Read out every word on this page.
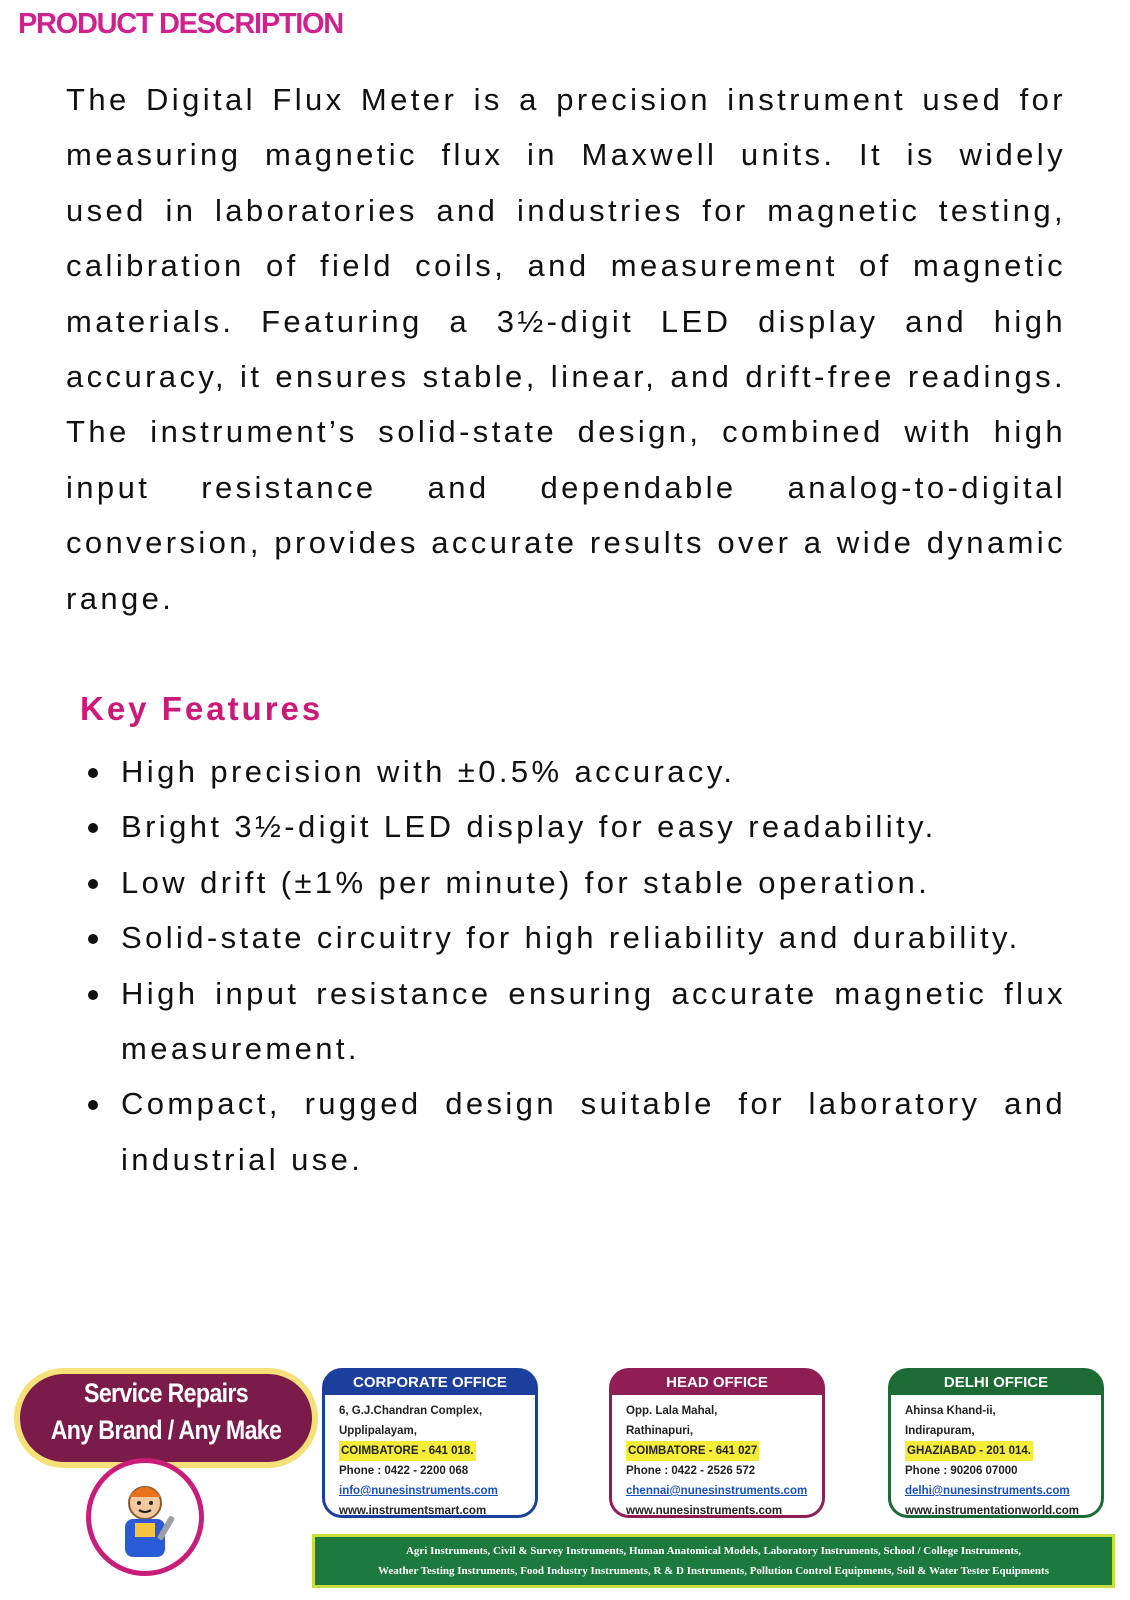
PRODUCT DESCRIPTION

The Digital Flux Meter is a precision instrument used for measuring magnetic flux in Maxwell units. It is widely used in laboratories and industries for magnetic testing, calibration of field coils, and measurement of magnetic materials. Featuring a 3½-digit LED display and high accuracy, it ensures stable, linear, and drift-free readings. The instrument’s solid-state design, combined with high input resistance and dependable analog-to-digital conversion, provides accurate results over a wide dynamic range.

Key Features
High precision with ±0.5% accuracy.
Bright 3½-digit LED display for easy readability.
Low drift (±1% per minute) for stable operation.
Solid-state circuitry for high reliability and durability.
High input resistance ensuring accurate magnetic flux measurement.
Compact, rugged design suitable for laboratory and industrial use.
Service Repairs
Any Brand / Any Make

CORPORATE OFFICE

6, G.J.Chandran Complex,
Upplipalayam,
COIMBATORE - 641 018.
Phone : 0422 - 2200 068
info@nunesinstruments.com
www.instrumentsmart.com

HEAD OFFICE

Opp. Lala Mahal,
Rathinapuri,
COIMBATORE - 641 027
Phone : 0422 - 2526 572
chennai@nunesinstruments.com
www.nunesinstruments.com

DELHI OFFICE

Ahinsa Khand-ii,
Indirapuram,
GHAZIABAD - 201 014.
Phone : 90206 07000
delhi@nunesinstruments.com
www.instrumentationworld.com
Agri Instruments, Civil & Survey Instruments, Human Anatomical Models, Laboratory Instruments, School / College Instruments,
Weather Testing Instruments, Food Industry Instruments, R & D Instruments, Pollution Control Equipments, Soil & Water Tester Equipments
